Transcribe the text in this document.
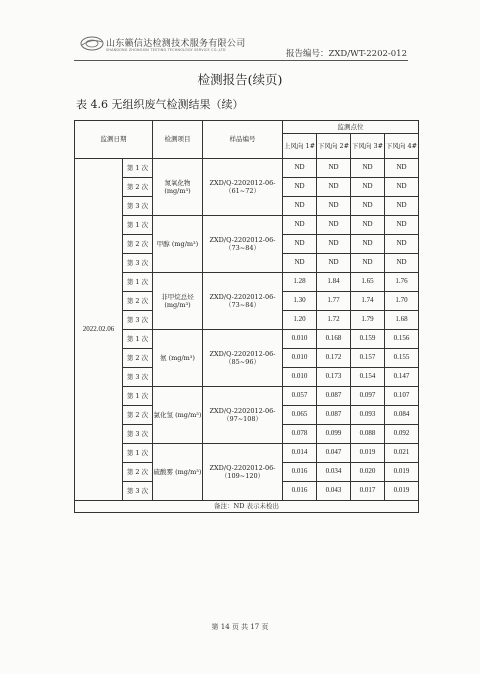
山东籁信达检测技术服务有限公司
SHANDONG ZHONGXIN TESTING TECHNOLOGY SERVICE CO.,LTD	报告编号：ZXD/WT-2202-012
检测报告(续页)
表 4.6 无组织废气检测结果（续）
监测日期		检测项目	样品编号	监测点位			
				上风向 1#	下风向 2#	下风向 3#	下风向 4#
2022.02.06	第 1 次	氮氧化物 (mg/m³)	ZXD/Q-2202012-06-（61~72）	ND	ND	ND	ND
	第 2 次			ND	ND	ND	ND
	第 3 次			ND	ND	ND	ND
	第 1 次	甲醇 (mg/m³)	ZXD/Q-2202012-06-（73~84）	ND	ND	ND	ND
	第 2 次			ND	ND	ND	ND
	第 3 次			ND	ND	ND	ND
	第 1 次	非甲烷总烃 (mg/m³)	ZXD/Q-2202012-06-（73~84）	1.28	1.84	1.65	1.76
	第 2 次			1.30	1.77	1.74	1.70
	第 3 次			1.20	1.72	1.79	1.68
	第 1 次	氨 (mg/m³)	ZXD/Q-2202012-06-（85~96）	0.010	0.168	0.159	0.156
	第 2 次			0.010	0.172	0.157	0.155
	第 3 次			0.010	0.173	0.154	0.147
	第 1 次	氯化氢 (mg/m³)	ZXD/Q-2202012-06-（97~108）	0.057	0.087	0.097	0.107
	第 2 次			0.065	0.087	0.093	0.084
	第 3 次			0.078	0.099	0.088	0.092
	第 1 次	硫酸雾 (mg/m³)	ZXD/Q-2202012-06-（109~120）	0.014	0.047	0.019	0.021
	第 2 次			0.016	0.034	0.020	0.019
	第 3 次			0.016	0.043	0.017	0.019
备注：ND 表示未检出							
第 14 页 共 17 页
